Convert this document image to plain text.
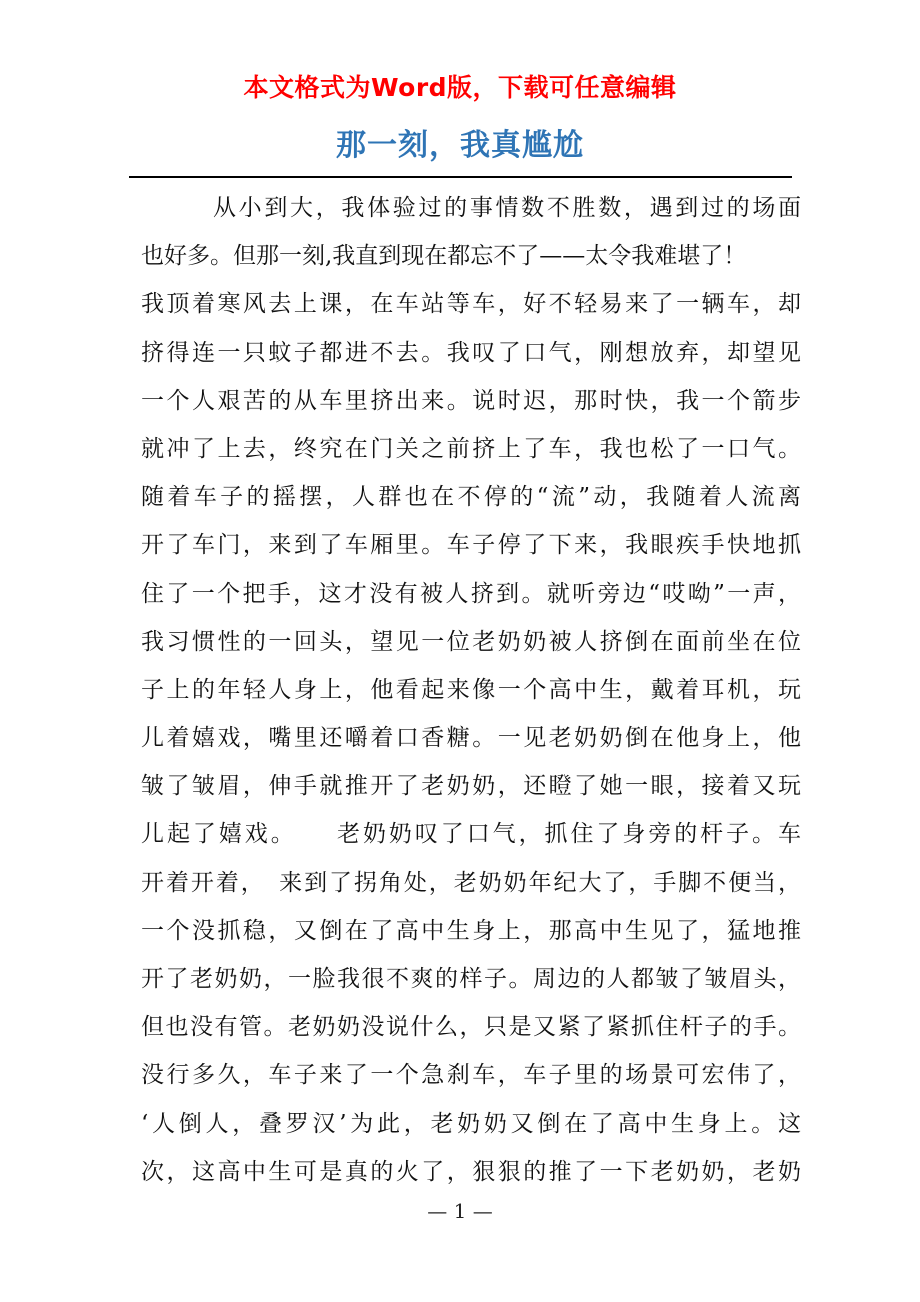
本文格式为Word版，下载可任意编辑
那一刻，我真尴尬
从小到大，我体验过的事情数不胜数，遇到过的场面
也好多。但那一刻,我直到现在都忘不了——太令我难堪了！
我顶着寒风去上课，在车站等车，好不轻易来了一辆车，却
挤得连一只蚊子都进不去。我叹了口气，刚想放弃，却望见
一个人艰苦的从车里挤出来。说时迟，那时快，我一个箭步
就冲了上去，终究在门关之前挤上了车，我也松了一口气。
随着车子的摇摆，人群也在不停的“流”动，我随着人流离
开了车门，来到了车厢里。车子停了下来，我眼疾手快地抓
住了一个把手，这才没有被人挤到。就听旁边“哎呦”一声，
我习惯性的一回头，望见一位老奶奶被人挤倒在面前坐在位
子上的年轻人身上，他看起来像一个高中生，戴着耳机，玩
儿着嬉戏，嘴里还嚼着口香糖。一见老奶奶倒在他身上，他
皱了皱眉，伸手就推开了老奶奶，还瞪了她一眼，接着又玩
儿起了嬉戏。　　老奶奶叹了口气，抓住了身旁的杆子。车
开着开着，　来到了拐角处，老奶奶年纪大了，手脚不便当，
一个没抓稳，又倒在了高中生身上，那高中生见了，猛地推
开了老奶奶，一脸我很不爽的样子。周边的人都皱了皱眉头，
但也没有管。老奶奶没说什么，只是又紧了紧抓住杆子的手。
没行多久，车子来了一个急刹车，车子里的场景可宏伟了，
‘人倒人，叠罗汉’为此，老奶奶又倒在了高中生身上。这
次，这高中生可是真的火了，狠狠的推了一下老奶奶，老奶
— 1 —
